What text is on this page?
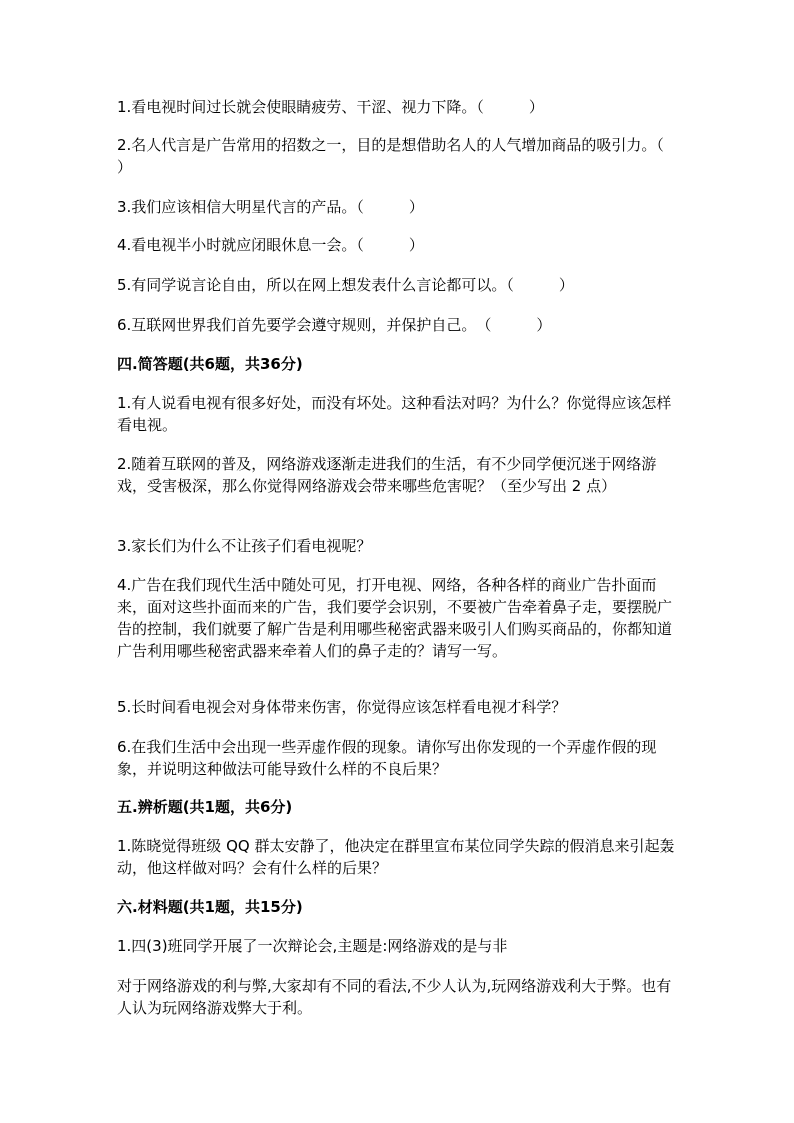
1.看电视时间过长就会使眼睛疲劳、干涩、视力下降。（　　　）

2.名人代言是广告常用的招数之一，目的是想借助名人的人气增加商品的吸引力。（　　　）

3.我们应该相信大明星代言的产品。（　　　）

4.看电视半小时就应闭眼休息一会。（　　　）

5.有同学说言论自由，所以在网上想发表什么言论都可以。（　　　）

6.互联网世界我们首先要学会遵守规则，并保护自己。　（　　　）

四.简答题(共6题，共36分)

1.有人说看电视有很多好处，而没有坏处。这种看法对吗？为什么？你觉得应该怎样看电视。

2.随着互联网的普及，网络游戏逐渐走进我们的生活，有不少同学便沉迷于网络游戏，受害极深，那么你觉得网络游戏会带来哪些危害呢？（至少写出 2 点）

3.家长们为什么不让孩子们看电视呢？

4.广告在我们现代生活中随处可见，打开电视、网络，各种各样的商业广告扑面而来，面对这些扑面而来的广告，我们要学会识别，不要被广告牵着鼻子走，要摆脱广告的控制，我们就要了解广告是利用哪些秘密武器来吸引人们购买商品的，你都知道广告利用哪些秘密武器来牵着人们的鼻子走的？请写一写。

5.长时间看电视会对身体带来伤害，你觉得应该怎样看电视才科学？

6.在我们生活中会出现一些弄虚作假的现象。请你写出你发现的一个弄虚作假的现象，并说明这种做法可能导致什么样的不良后果？

五.辨析题(共1题，共6分)

1.陈晓觉得班级 QQ 群太安静了，他决定在群里宣布某位同学失踪的假消息来引起轰动，他这样做对吗？会有什么样的后果？

六.材料题(共1题，共15分)

1.四(3)班同学开展了一次辩论会,主题是:网络游戏的是与非

对于网络游戏的利与弊,大家却有不同的看法,不少人认为,玩网络游戏利大于弊。也有人认为玩网络游戏弊大于利。
